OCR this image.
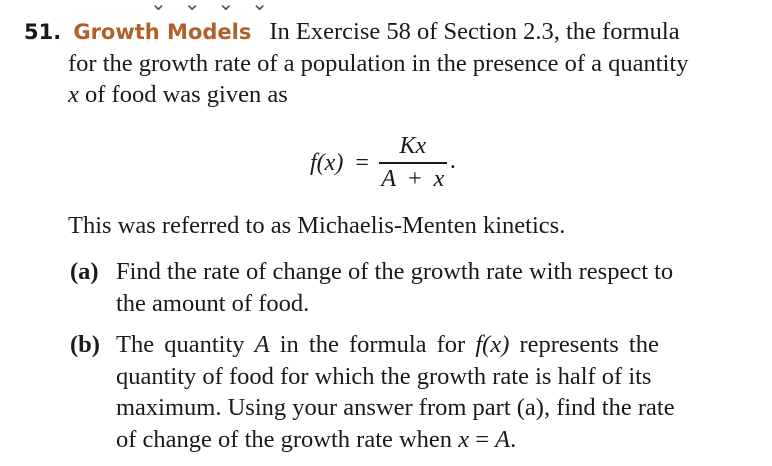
⌄ ⌄ ⌄ ⌄
51. Growth Models In Exercise 58 of Section 2.3, the formula
for the growth rate of a population in the presence of a quantity
x of food was given as
$f(x) = \frac{Kx}{A + x}$ .
This was referred to as Michaelis-Menten kinetics.
(a) Find the rate of change of the growth rate with respect to
the amount of food.
(b) The quantity A in the formula for f(x) represents the
quantity of food for which the growth rate is half of its
maximum. Using your answer from part (a), find the rate
of change of the growth rate when x = A.
